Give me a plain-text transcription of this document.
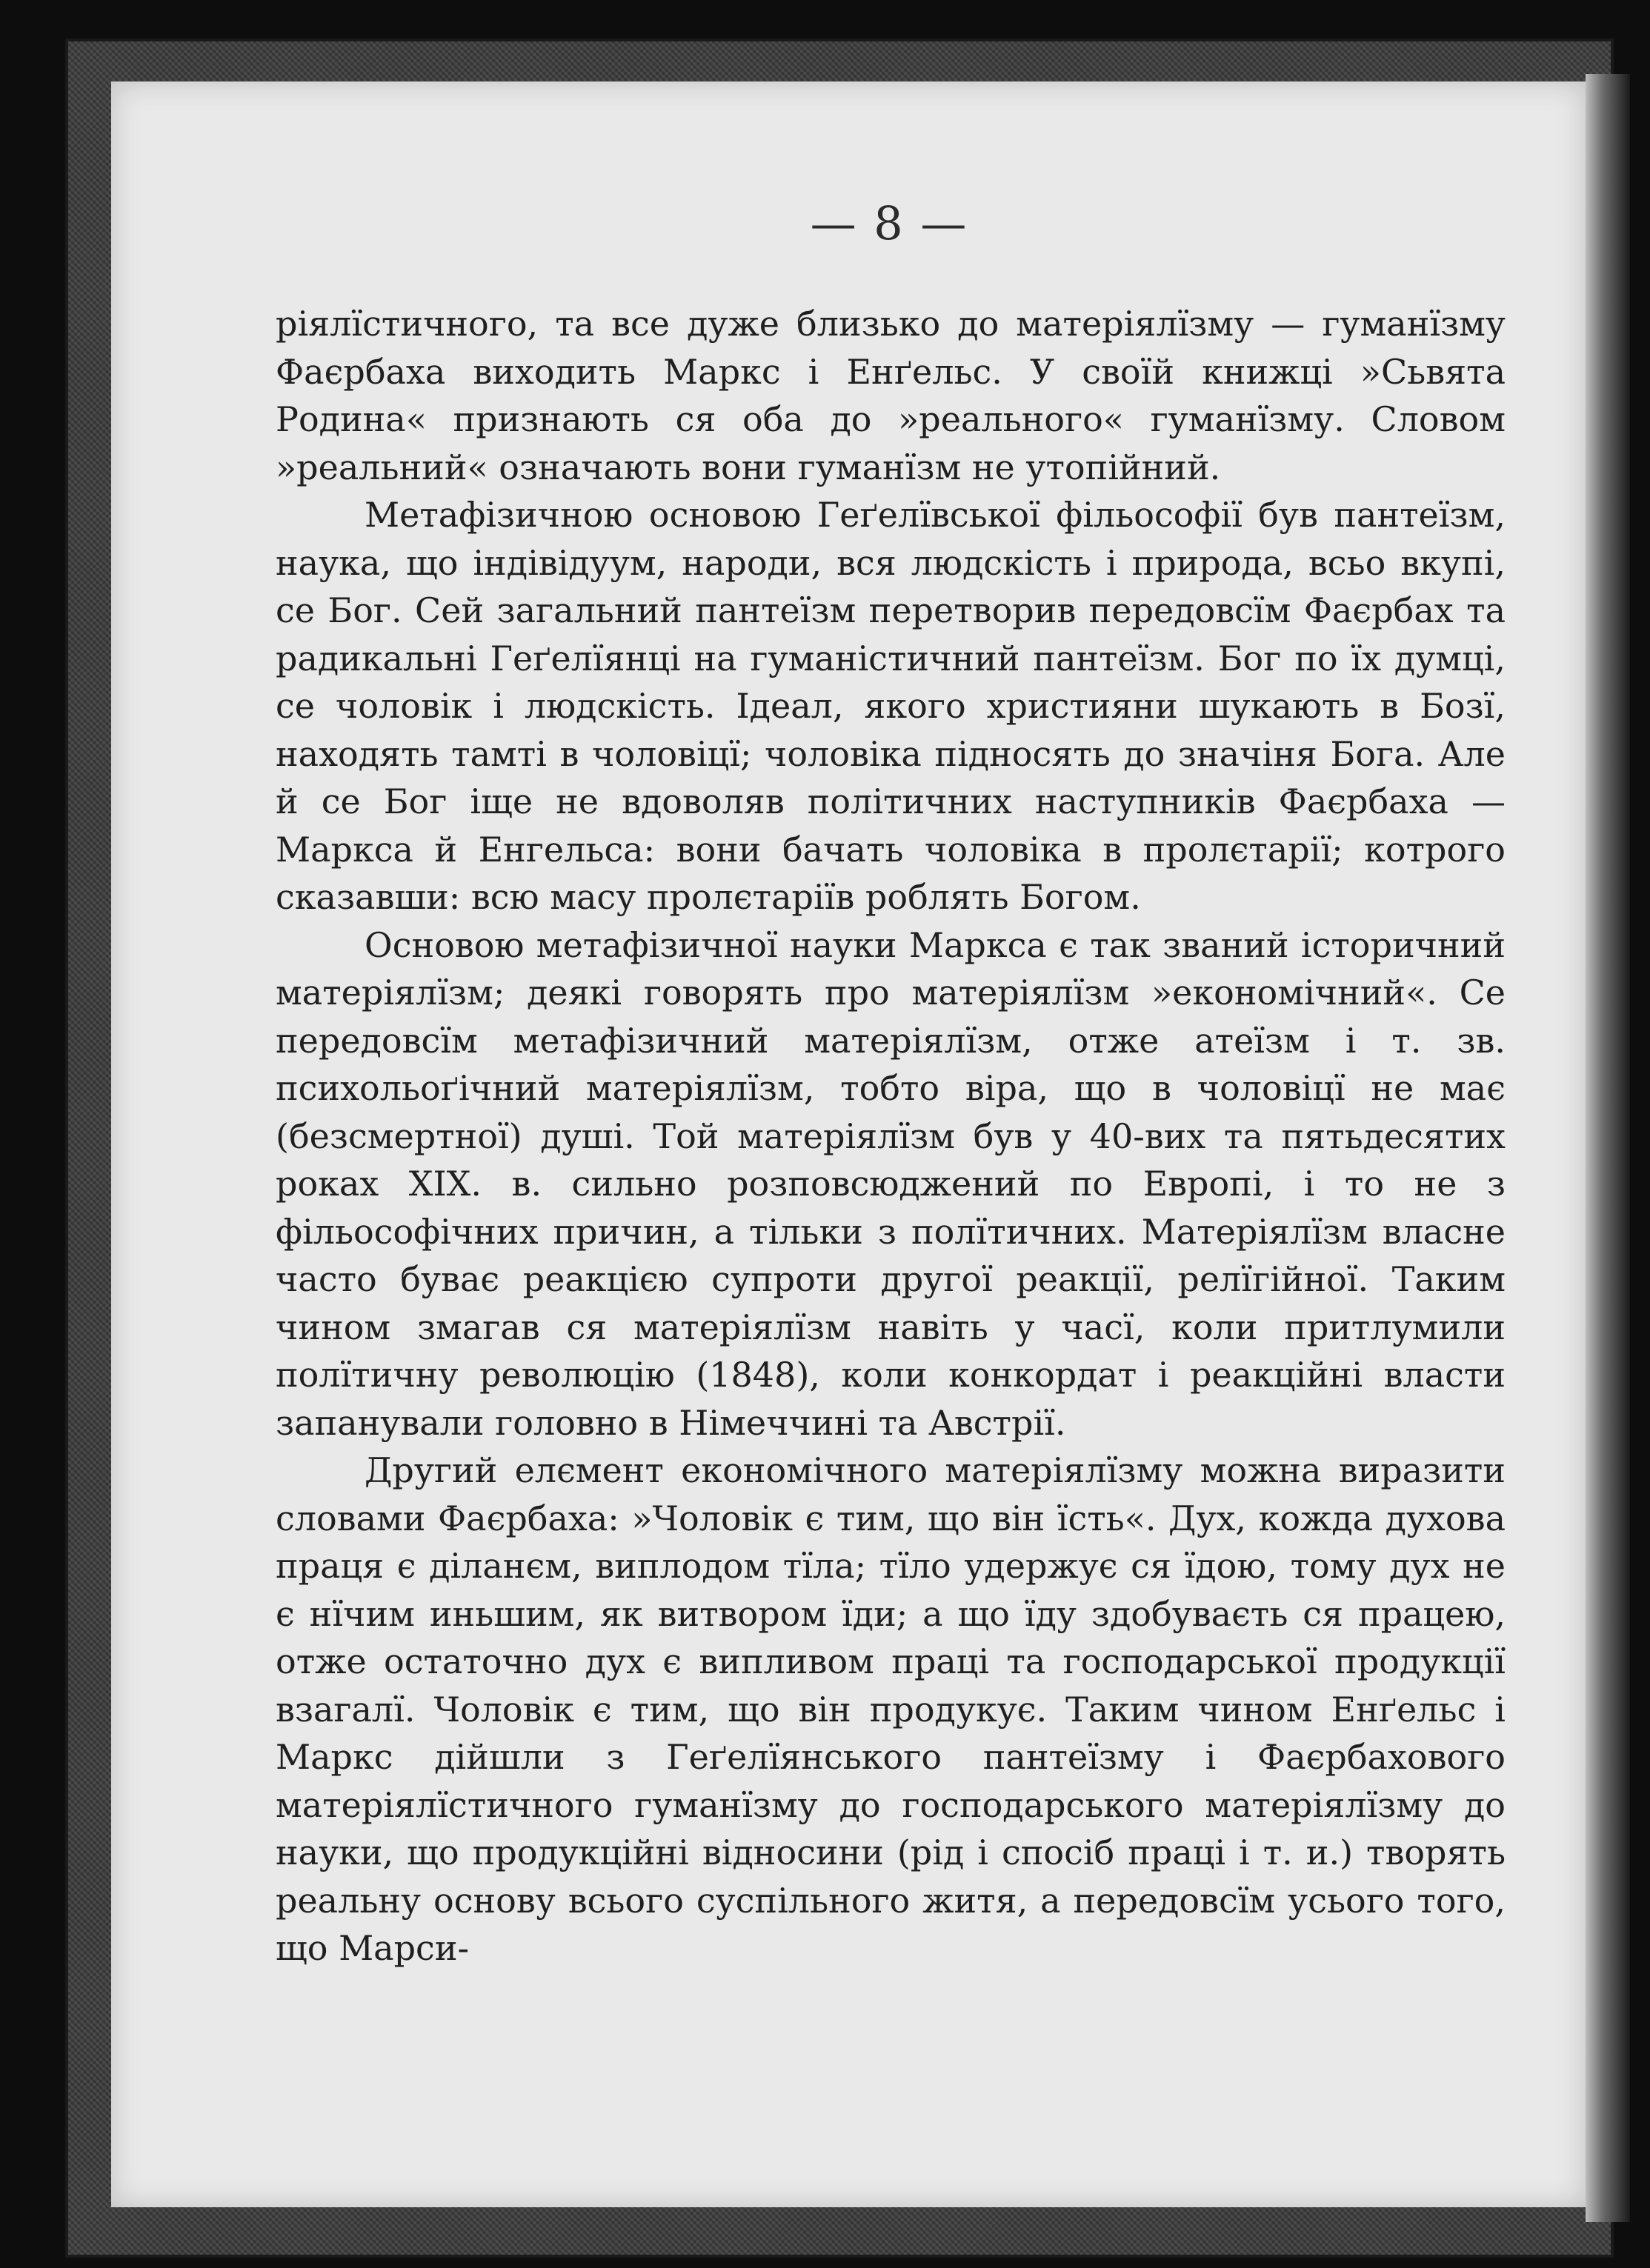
— 8 —

ріялїстичного, та все дуже близько до матеріялїзму — гуманїзму Фаєрбаха виходить Маркс і Енґельс. У своїй книжці »Сьвята Родина« признають ся оба до »реального« гуманїзму. Словом »реальний« означають вони гуманїзм не утопійний.

Метафізичною основою Геґелївської фільософії був пантеїзм, наука, що індівідуум, народи, вся людскість і природа, всьо вкупі, се Бог. Сей загальний пантеїзм перетворив передовсїм Фаєрбах та радикальні Геґелїянці на гуманістичний пантеїзм. Бог по їх думці, се чоловік і людскість. Ідеал, якого християни шукають в Бозї, находять тамті в чоловіцї; чоловіка підносять до значіня Бога. Але й се Бог іще не вдоволяв політичних наступників Фаєрбаха — Маркса й Енгельса: вони бачать чоловіка в пролєтарії; котрого сказавши: всю масу пролєтаріїв роблять Богом.

Основою метафізичної науки Маркса є так званий історичний матеріялїзм; деякі говорять про матеріялїзм »економічний«. Се передовсїм метафізичний матеріялїзм, отже атеїзм і т. зв. психольоґічний матеріялїзм, тобто віра, що в чоловіцї не має (безсмертної) душі. Той матеріялїзм був у 40-вих та пятьдесятих роках XIX. в. сильно розповсюджений по Европі, і то не з фільософічних причин, а тільки з полїтичних. Матеріялїзм власне часто буває реакцією супроти другої реакції, релїгійної. Таким чином змагав ся матеріялїзм навіть у часї, коли притлумили полїтичну революцію (1848), коли конкордат і реакційні власти запанували головно в Німеччині та Австрії.

Другий елємент економічного матеріялїзму можна виразити словами Фаєрбаха: »Чоловік є тим, що він їсть«. Дух, кожда духова праця є діланєм, виплодом тїла; тїло удержує ся їдою, тому дух не є нїчим иньшим, як витвором їди; а що їду здобуваєть ся працею, отже остаточно дух є випливом праці та господарської продукції взагалї. Чоловік є тим, що він продукує. Таким чином Енґельс і Маркс дійшли з Геґелїянського пантеїзму і Фаєрбахового матеріялїстичного гуманїзму до господарського матеріялїзму до науки, що продукційні відносини (рід і спосіб праці і т. и.) творять реальну основу всього суспільного житя, а передовсїм усього того, що Марси-
